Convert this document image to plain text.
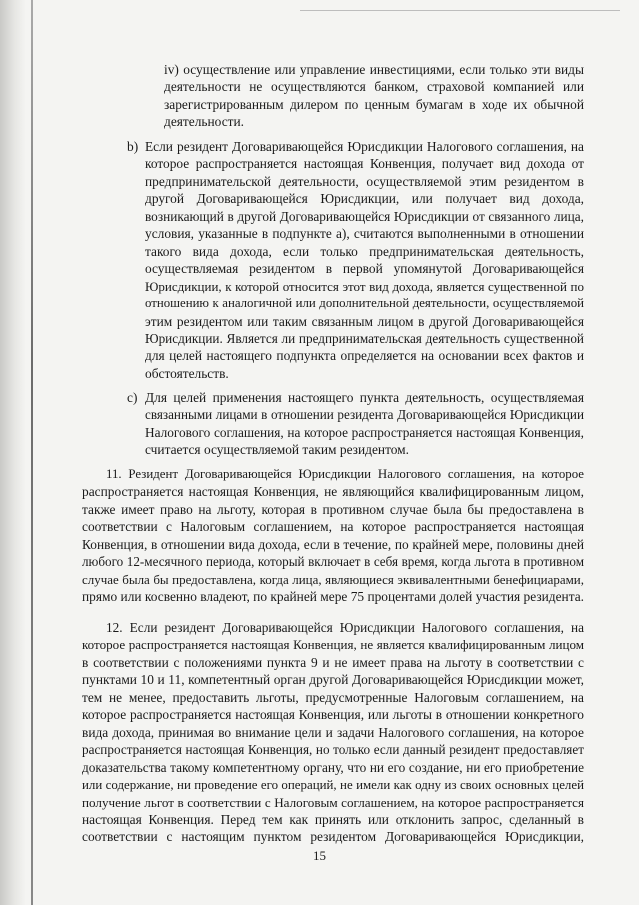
iv) осуществление или управление инвестициями, если только эти виды
деятельности не осуществляются банком, страховой компанией или
зарегистрированным дилером по ценным бумагам в ходе их обычной
деятельности.
b) Если резидент Договаривающейся Юрисдикции Налогового соглашения, на
которое распространяется настоящая Конвенция, получает вид дохода от
предпринимательской деятельности, осуществляемой этим резидентом в
другой Договаривающейся Юрисдикции, или получает вид дохода,
возникающий в другой Договаривающейся Юрисдикции от связанного лица,
условия, указанные в подпункте а), считаются выполненными в отношении
такого вида дохода, если только предпринимательская деятельность,
осуществляемая резидентом в первой упомянутой Договаривающейся
Юрисдикции, к которой относится этот вид дохода, является существенной по
отношению к аналогичной или дополнительной деятельности, осуществляемой
этим резидентом или таким связанным лицом в другой Договаривающейся
Юрисдикции. Является ли предпринимательская деятельность существенной
для целей настоящего подпункта определяется на основании всех фактов и
обстоятельств.
c) Для целей применения настоящего пункта деятельность, осуществляемая
связанными лицами в отношении резидента Договаривающейся Юрисдикции
Налогового соглашения, на которое распространяется настоящая Конвенция,
считается осуществляемой таким резидентом.
11. Резидент Договаривающейся Юрисдикции Налогового соглашения, на которое
распространяется настоящая Конвенция, не являющийся квалифицированным лицом,
также имеет право на льготу, которая в противном случае была бы предоставлена в
соответствии с Налоговым соглашением, на которое распространяется настоящая
Конвенция, в отношении вида дохода, если в течение, по крайней мере, половины дней
любого 12-месячного периода, который включает в себя время, когда льгота в противном
случае была бы предоставлена, когда лица, являющиеся эквивалентными бенефициарами,
прямо или косвенно владеют, по крайней мере 75 процентами долей участия резидента.
12. Если резидент Договаривающейся Юрисдикции Налогового соглашения, на
которое распространяется настоящая Конвенция, не является квалифицированным лицом
в соответствии с положениями пункта 9 и не имеет права на льготу в соответствии с
пунктами 10 и 11, компетентный орган другой Договаривающейся Юрисдикции может,
тем не менее, предоставить льготы, предусмотренные Налоговым соглашением, на
которое распространяется настоящая Конвенция, или льготы в отношении конкретного
вида дохода, принимая во внимание цели и задачи Налогового соглашения, на которое
распространяется настоящая Конвенция, но только если данный резидент предоставляет
доказательства такому компетентному органу, что ни его создание, ни его приобретение
или содержание, ни проведение его операций, не имели как одну из своих основных целей
получение льгот в соответствии с Налоговым соглашением, на которое распространяется
настоящая Конвенция. Перед тем как принять или отклонить запрос, сделанный в
соответствии с настоящим пунктом резидентом Договаривающейся Юрисдикции,
15
